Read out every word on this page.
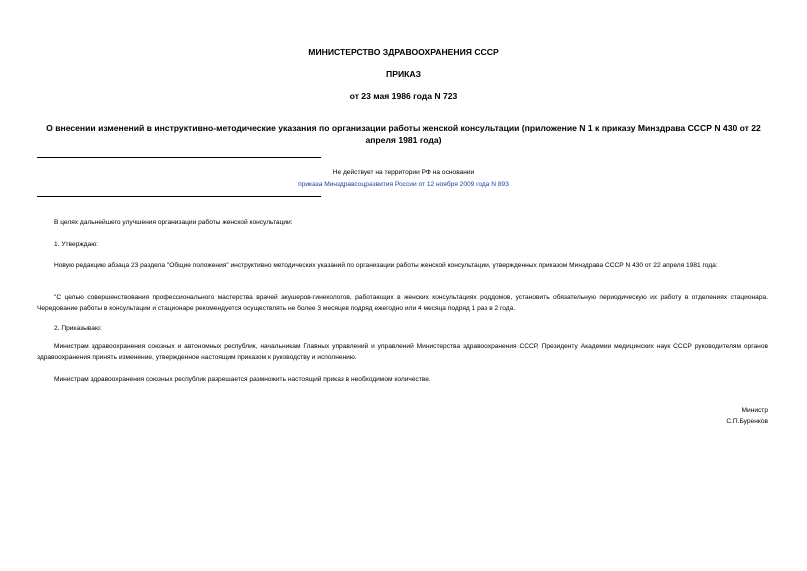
МИНИСТЕРСТВО ЗДРАВООХРАНЕНИЯ СССР
ПРИКАЗ
от 23 мая 1986 года N 723
О внесении изменений в инструктивно-методические указания по организации работы женской консультации (приложение N 1 к приказу Минздрава СССР N 430 от 22 апреля 1981 года)
Не действует на территории РФ на основании
приказа Минздравсоцразвития России от 12 ноября 2009 года N 893
В целях дальнейшего улучшения организации работы женской консультации:
1. Утверждаю:
Новую редакцию абзаца 23 раздела "Общие положения" инструктивно методических указаний по организации работы женской консультации, утвержденных приказом Минздрава СССР N 430 от 22 апреля 1981 года:
"С целью совершенствования профессионального мастерства врачей акушеров-гинекологов, работающих в женских консультациях роддомов, установить обязательную периодическую их работу в отделениях стационара. Чередование работы в консультации и стационаре рекомендуется осуществлять не более 3 месяцев подряд ежегодно или 4 месяца подряд 1 раз в 2 года.
2. Приказываю:
Министрам здравоохранения союзных и автономных республик, начальникам Главных управлений и управлений Министерства здравоохранения СССР, Президенту Академии медицинских наук СССР руководителям органов здравоохранения принять изменение, утвержденное настоящим приказом к руководству и исполнению.
Министрам здравоохранения союзных республик разрешается размножить настоящий приказ в необходимом количестве.
Министр
С.П.Буренков
